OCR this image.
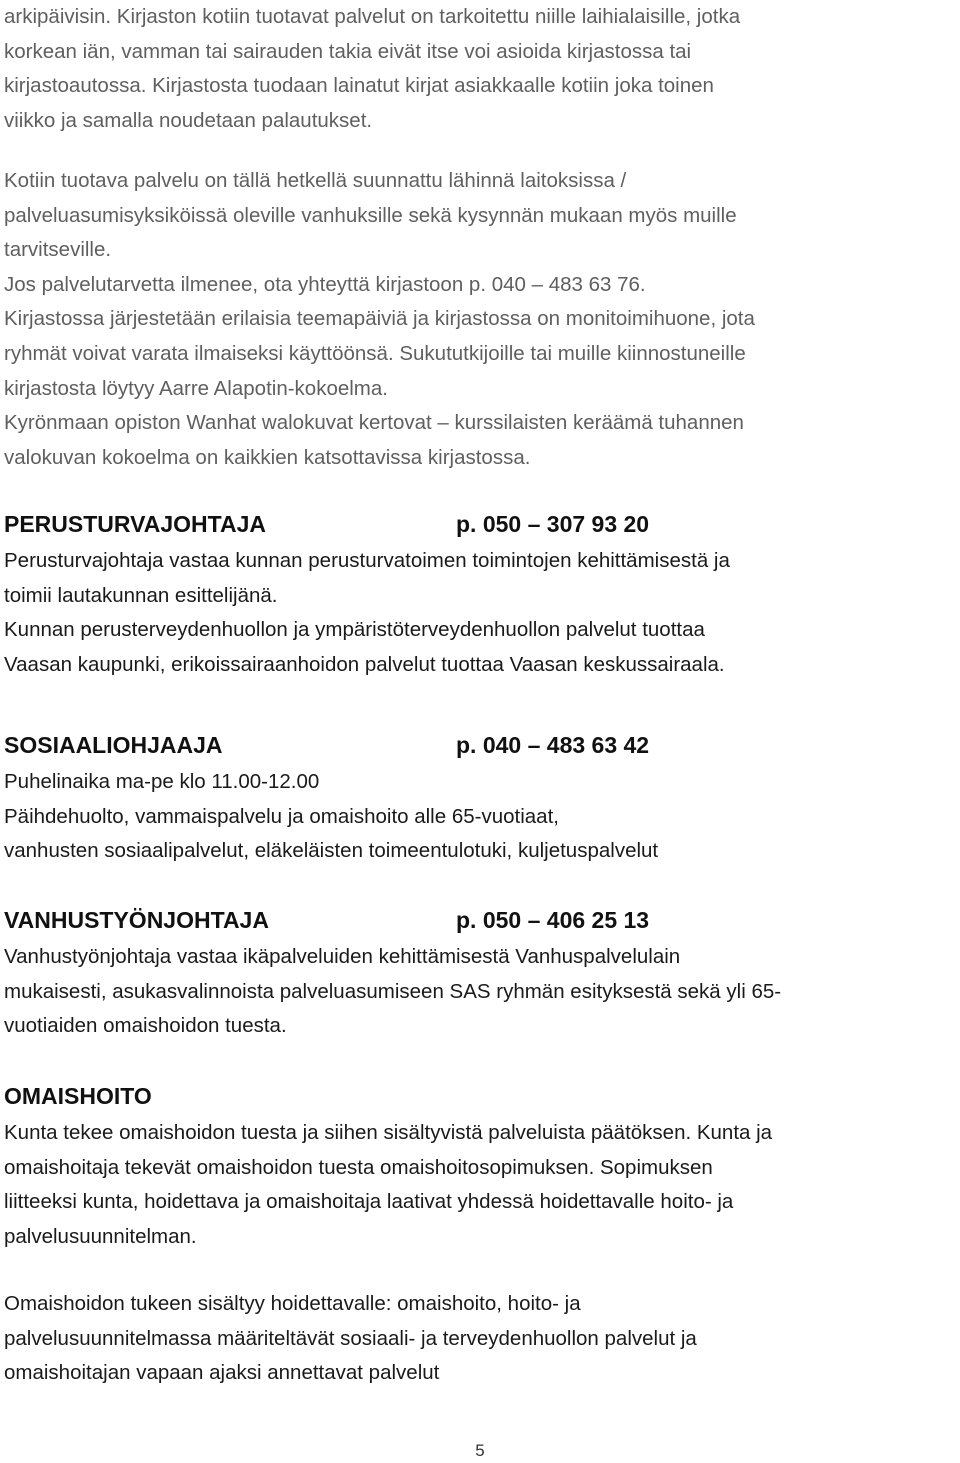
arkipäivisin. Kirjaston kotiin tuotavat palvelut on tarkoitettu niille laihialaisille, jotka
korkean iän, vamman tai sairauden takia eivät itse voi asioida kirjastossa tai
kirjastoautossa. Kirjastosta tuodaan lainatut kirjat asiakkaalle kotiin joka toinen
viikko ja samalla noudetaan palautukset.
Kotiin tuotava palvelu on tällä hetkellä suunnattu lähinnä laitoksissa /
palveluasumisyksiköissä oleville vanhuksille sekä kysynnän mukaan myös muille
tarvitseville.
Jos palvelutarvetta ilmenee, ota yhteyttä kirjastoon p. 040 – 483 63 76.
Kirjastossa järjestetään erilaisia teemapäiviä ja kirjastossa on monitoimihuone, jota
ryhmät voivat varata ilmaiseksi käyttöönsä. Sukututkijoille tai muille kiinnostuneille
kirjastosta löytyy Aarre Alapotin-kokoelma.
Kyrönmaan opiston Wanhat walokuvat kertovat – kurssilaisten keräämä tuhannen
valokuvan kokoelma on kaikkien katsottavissa kirjastossa.
PERUSTURVAJOHTAJA	p. 050 – 307 93 20
Perusturvajohtaja vastaa kunnan perusturvatoimen toimintojen kehittämisestä ja
toimii lautakunnan esittelijänä.
Kunnan perusterveydenhuollon ja ympäristöterveydenhuollon palvelut tuottaa
Vaasan kaupunki, erikoissairaanhoidon palvelut tuottaa Vaasan keskussairaala.
SOSIAALIOHJAAJA	p. 040 – 483 63 42
Puhelinaika ma-pe klo 11.00-12.00
Päihdehuolto, vammaispalvelu ja omaishoito alle 65-vuotiaat,
vanhusten sosiaalipalvelut, eläkeläisten toimeentulotuki, kuljetuspalvelut
VANHUSTYÖNJOHTAJA	p. 050 – 406 25 13
Vanhustyönjohtaja vastaa ikäpalveluiden kehittämisestä Vanhuspalvelulain
mukaisesti, asukasvalinnoista palveluasumiseen SAS ryhmän esityksestä sekä yli 65-
vuotiaiden omaishoidon tuesta.
OMAISHOITO
Kunta tekee omaishoidon tuesta ja siihen sisältyvistä palveluista päätöksen. Kunta ja
omaishoitaja tekevät omaishoidon tuesta omaishoitosopimuksen. Sopimuksen
liitteeksi kunta, hoidettava ja omaishoitaja laativat yhdessä hoidettavalle hoito- ja
palvelusuunnitelman.
Omaishoidon tukeen sisältyy hoidettavalle: omaishoito, hoito- ja
palvelusuunnitelmassa määriteltävät sosiaali- ja terveydenhuollon palvelut ja
omaishoitajan vapaan ajaksi annettavat palvelut
5
